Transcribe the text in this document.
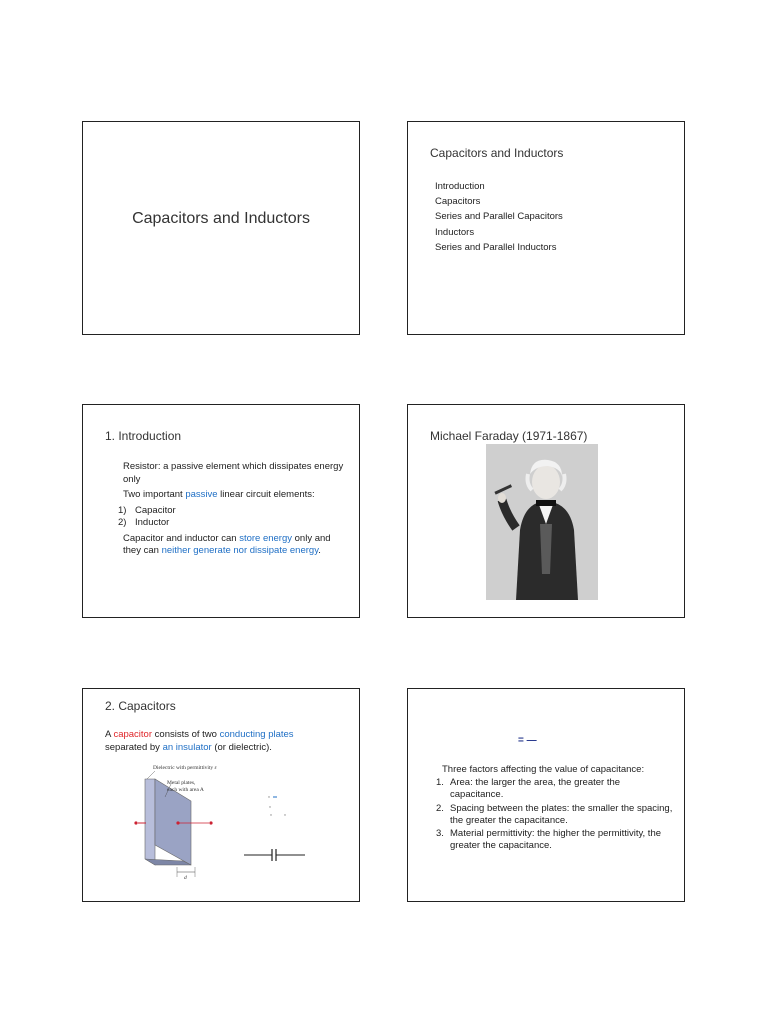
Capacitors and Inductors
Capacitors and Inductors
Introduction
Capacitors
Series and Parallel Capacitors
Inductors
Series and Parallel Inductors
1. Introduction

Resistor: a passive element which dissipates energy only

Two important passive linear circuit elements:

1) Capacitor
2) Inductor

Capacitor and inductor can store energy only and they can neither generate nor dissipate energy.

Michael Faraday (1971-1867)
2. Capacitors
A capacitor consists of two conducting plates
separated by an insulator (or dielectric).
Dielectric with permittivity ε
Metal plates,
each with area A
d
= —
Three factors affecting the value of capacitance:
1. Area: the larger the area, the greater the capacitance.
2. Spacing between the plates: the smaller the spacing, the greater the capacitance.
3. Material permittivity: the higher the permittivity, the greater the capacitance.
